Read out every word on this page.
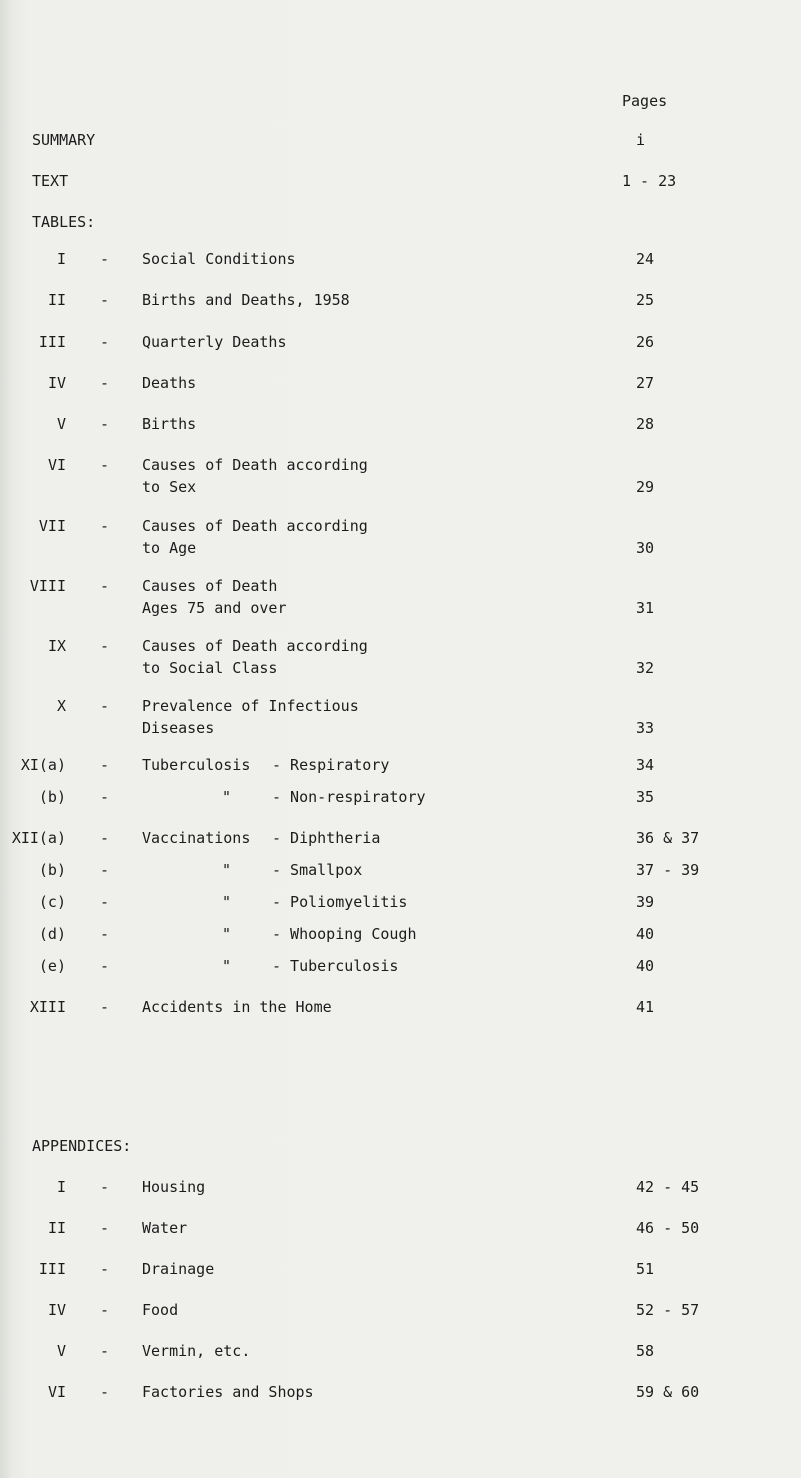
Pages
SUMMARY	i
TEXT	1 - 23
TABLES:
I - Social Conditions	24
II - Births and Deaths, 1958	25
III - Quarterly Deaths	26
IV - Deaths	27
V - Births	28
VI - Causes of Death according
to Sex	29
VII - Causes of Death according
to Age	30
VIII - Causes of Death
Ages 75 and over	31
IX - Causes of Death according
to Social Class	32
X - Prevalence of Infectious
Diseases	33
XI(a) - Tuberculosis - Respiratory	34
(b) -	"	- Non-respiratory	35
XII(a) - Vaccinations - Diphtheria	36 & 37
(b) -	"	- Smallpox	37 - 39
(c) -	"	- Poliomyelitis	39
(d) -	"	- Whooping Cough	40
(e) -	"	- Tuberculosis	40
XIII - Accidents in the Home	41
APPENDICES:
I - Housing	42 - 45
II - Water	46 - 50
III - Drainage	51
IV - Food	52 - 57
V - Vermin, etc.	58
VI - Factories and Shops	59 & 60
